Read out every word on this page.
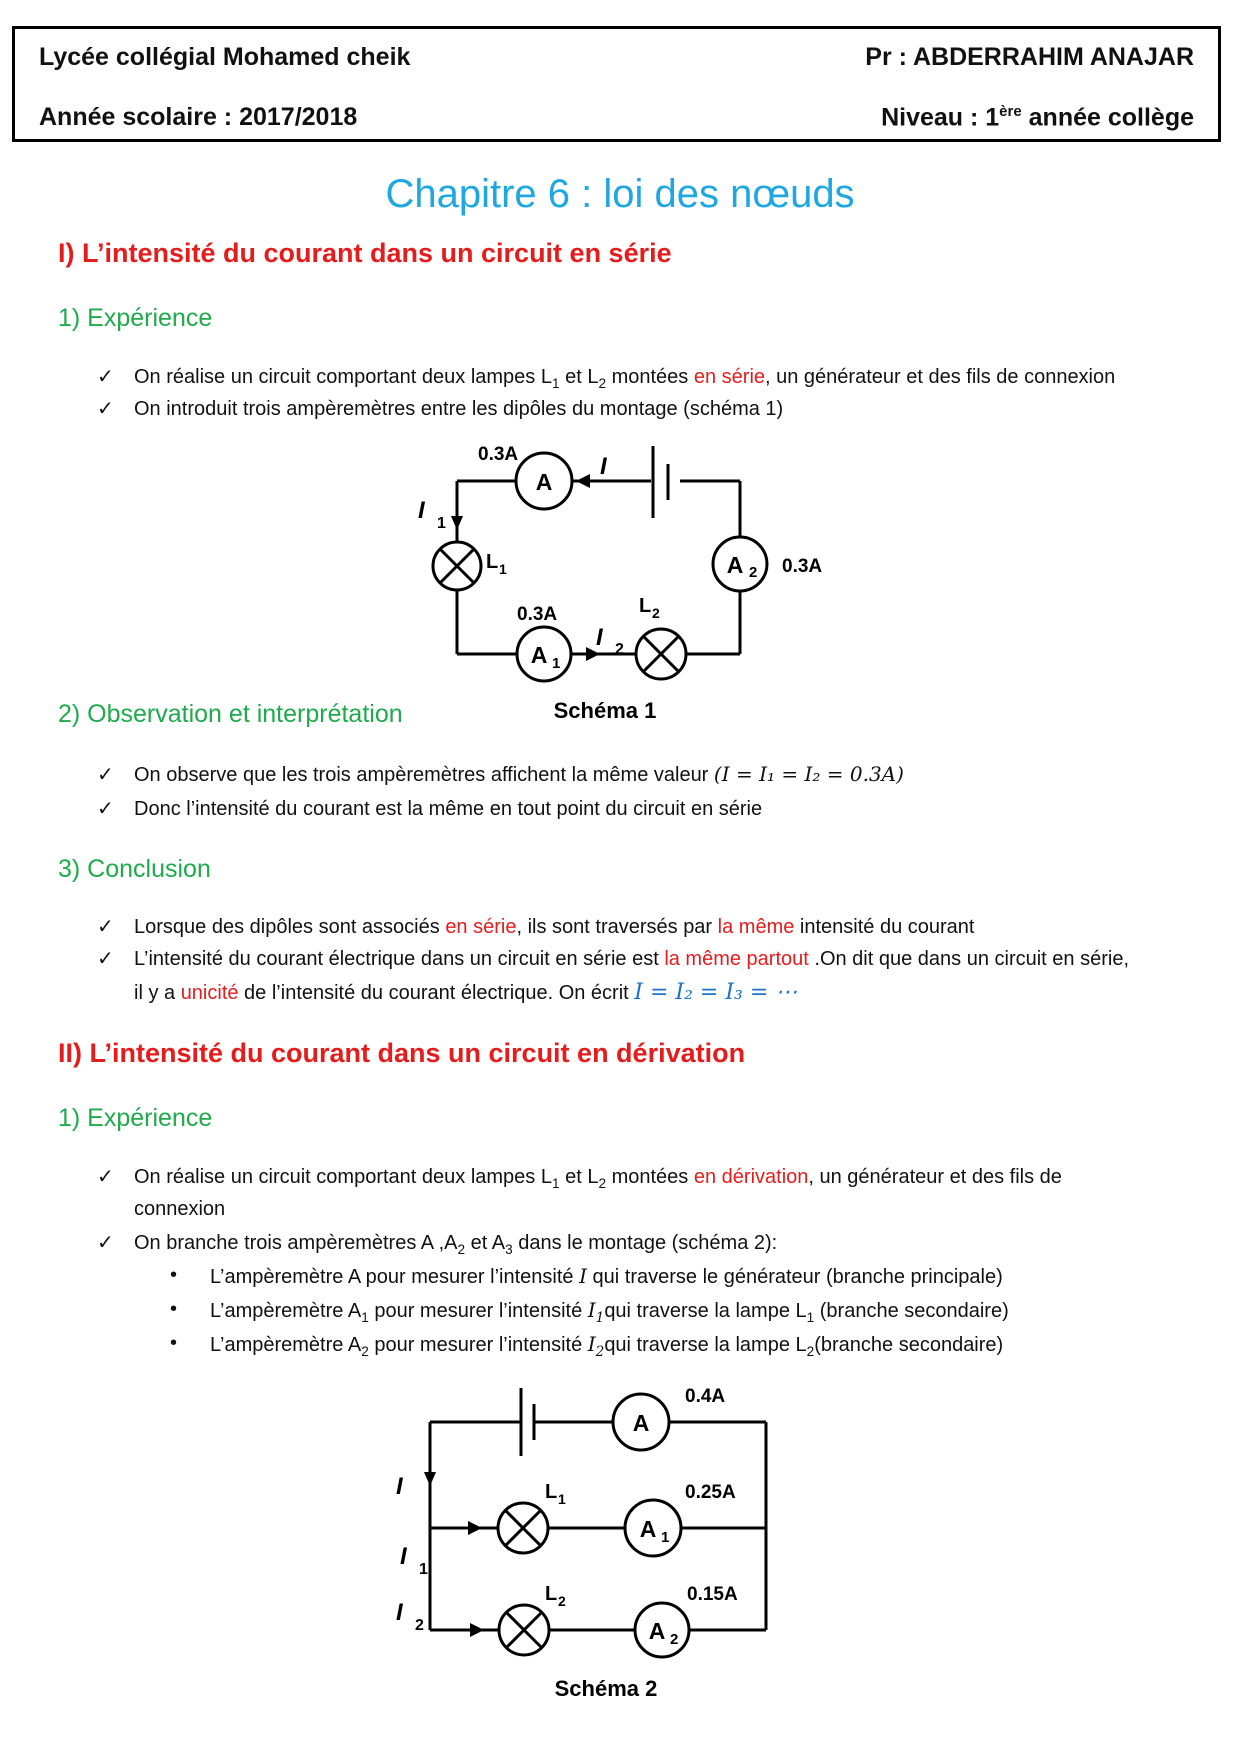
Lycée collégial Mohamed cheik	Pr : ABDERRAHIM ANAJAR
Année scolaire : 2017/2018	Niveau : 1ère année collège
Chapitre 6 : loi des nœuds
I) L’intensité du courant dans un circuit en série
1) Expérience
✓ On réalise un circuit comportant deux lampes $L_1$ et $L_2$ montées en série, un générateur et des fils de connexion
✓ On introduit trois ampèremètres entre les dipôles du montage (schéma 1)
A
0.3A	I
I 1
L 1	A 2 0.3A
A 1
0.3A
I 2
L 2
Schéma 1
2) Observation et interprétation
✓ On observe que les trois ampèremètres affichent la même valeur (I = I₁ = I₂ = 0.3A)
✓ Donc l’intensité du courant est la même en tout point du circuit en série
3) Conclusion
✓ Lorsque des dipôles sont associés en série, ils sont traversés par la même intensité du courant
✓ L’intensité du courant électrique dans un circuit en série est la même partout .On dit que dans un circuit en série,
il y a unicité de l’intensité du courant électrique. On écrit I = I₂ = I₃ = ⋯
II) L’intensité du courant dans un circuit en dérivation
1) Expérience
✓ On réalise un circuit comportant deux lampes $L_1$ et $L_2$ montées en dérivation, un générateur et des fils de
connexion
✓ On branche trois ampèremètres A $,A_2$ et $A_3$ dans le montage (schéma 2):
• L’ampèremètre A pour mesurer l’intensité I qui traverse le générateur (branche principale)
• L’ampèremètre $A_1$ pour mesurer l’intensité $I_1qui$ traverse la lampe $L_1$ (branche secondaire)
• L’ampèremètre $A_2$ pour mesurer l’intensité $I_2qui$ traverse la lampe $L_2(branche$ secondaire)
A
0.4A
I
I 1
L 1
A 1
0.25A
I 2
L 2
A 2
0.15A
Schéma 2
